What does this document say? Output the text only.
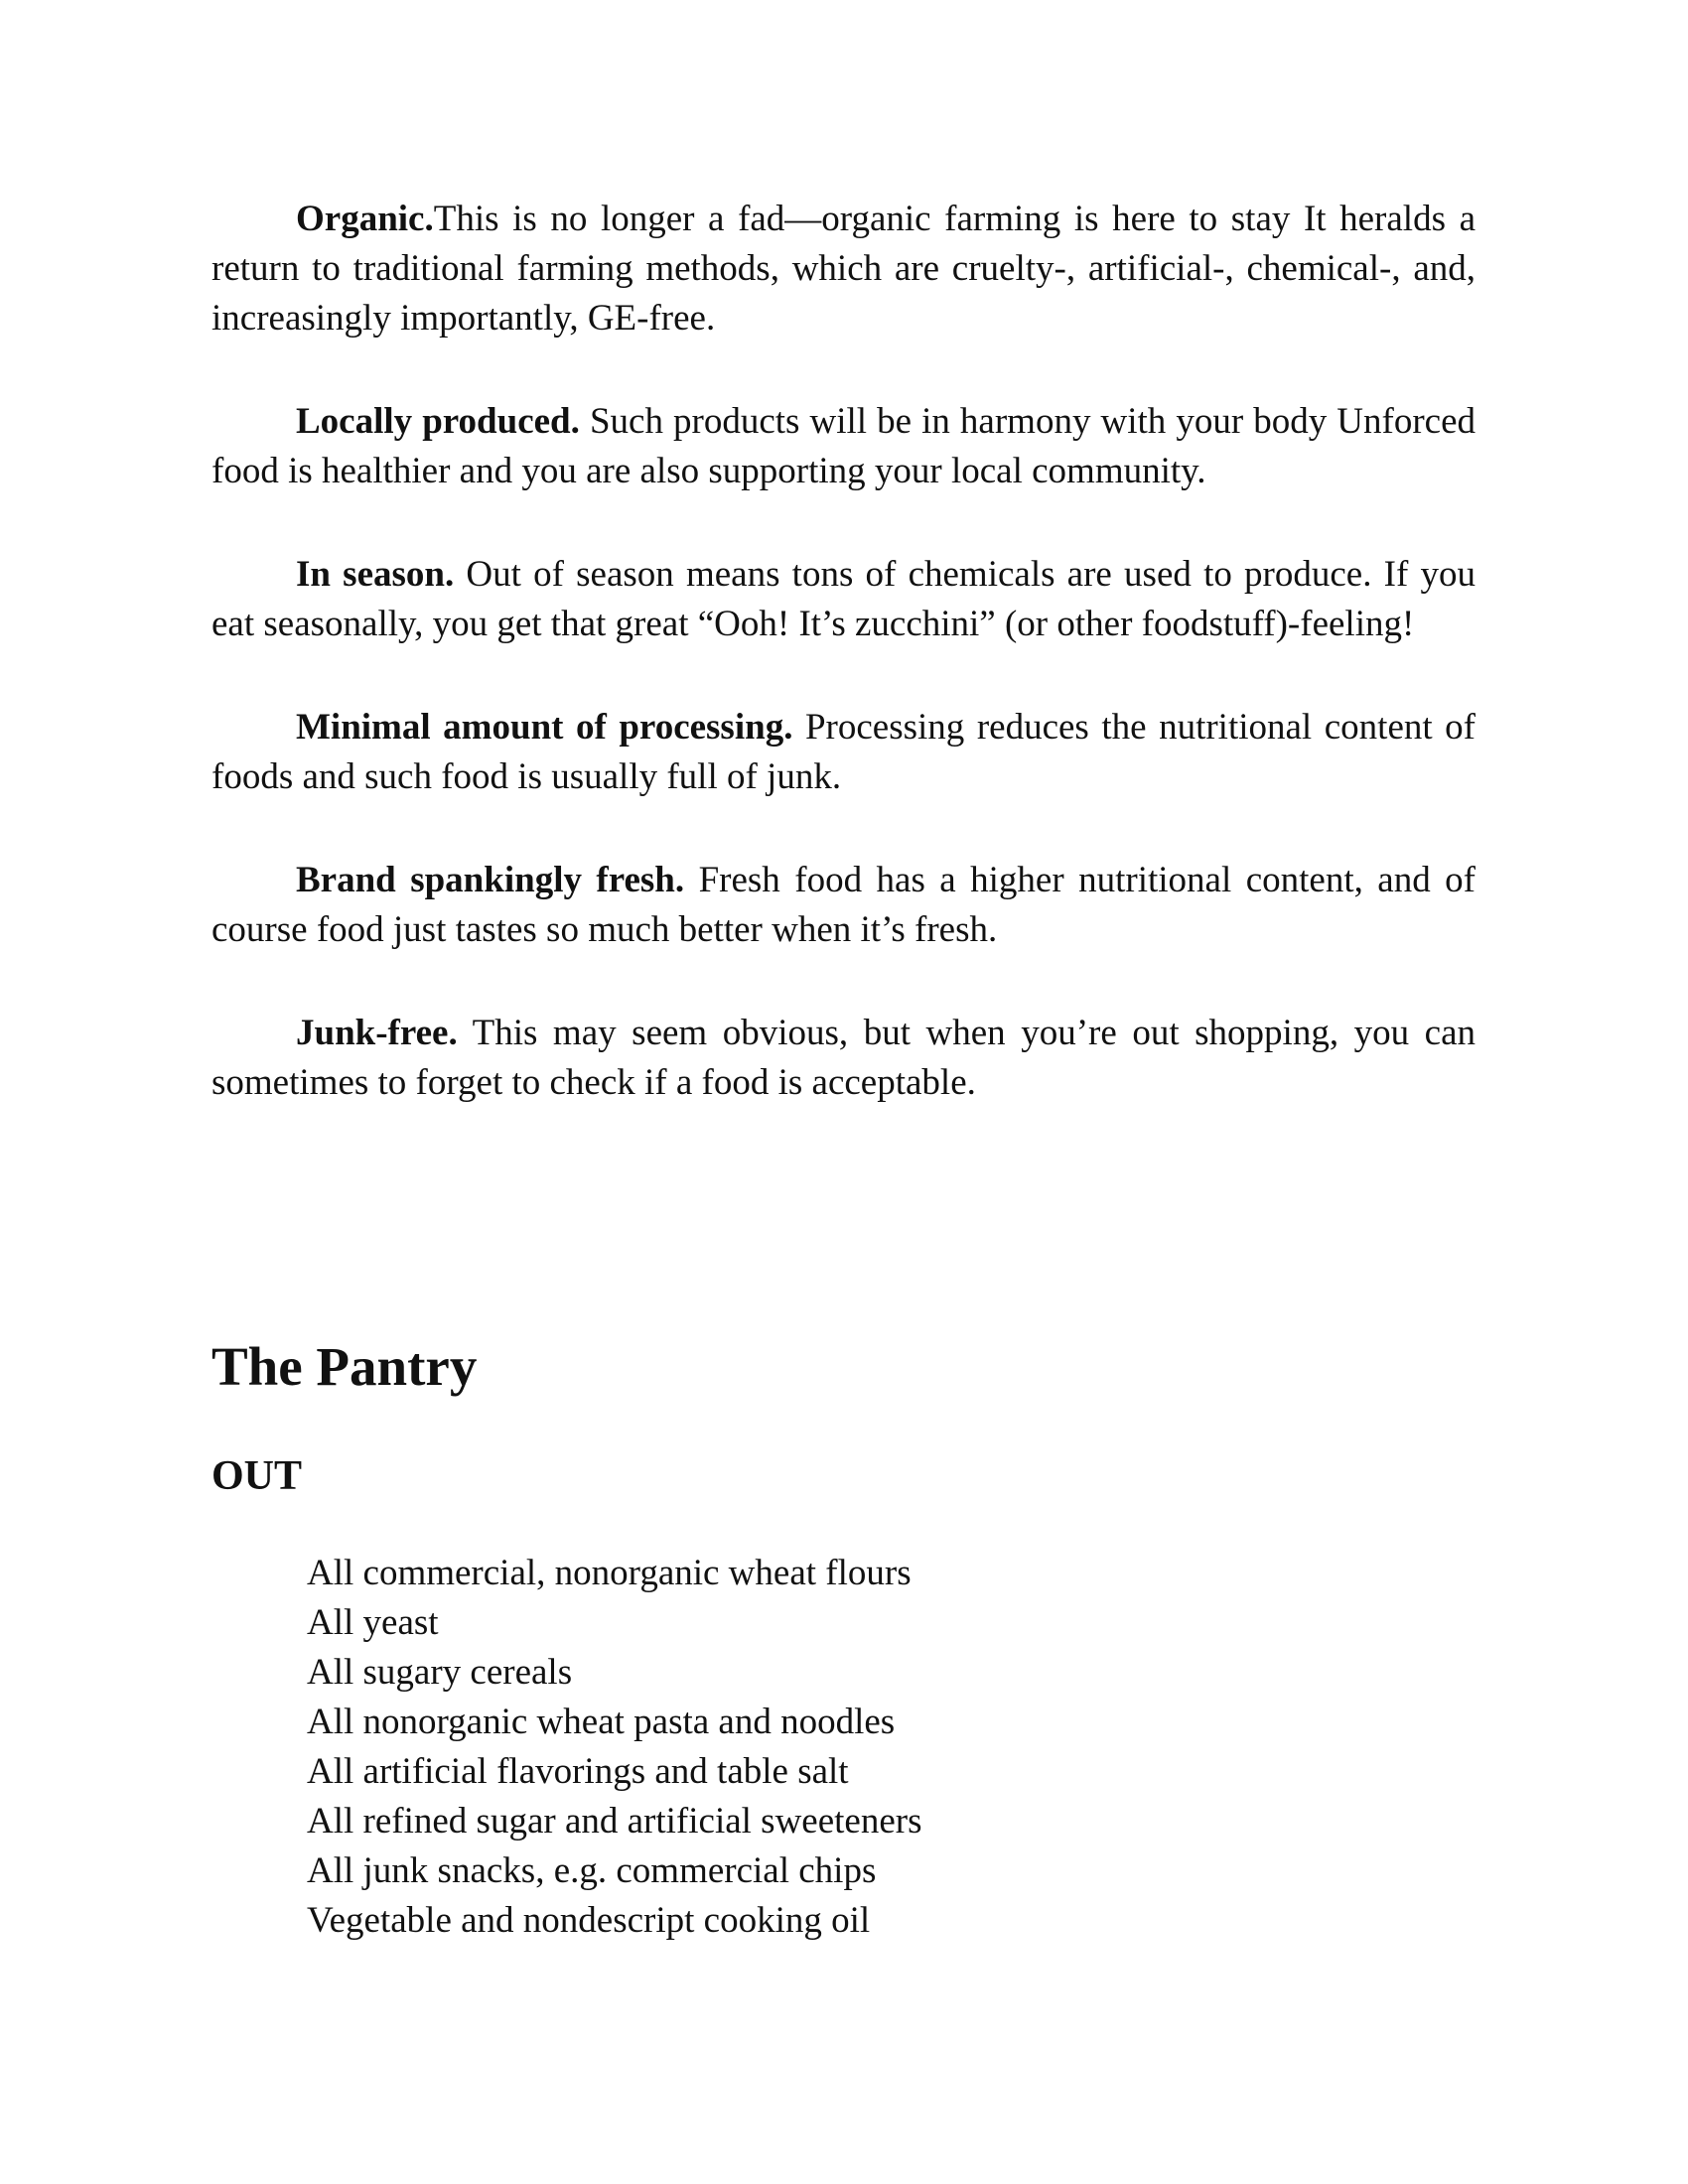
Organic.This is no longer a fad—organic farming is here to stay It heralds a return to traditional farming methods, which are cruelty-, artificial-, chemical-, and, increasingly importantly, GE-free.

Locally produced. Such products will be in harmony with your body Unforced food is healthier and you are also supporting your local community.

In season. Out of season means tons of chemicals are used to produce. If you eat seasonally, you get that great “Ooh! It’s zucchini” (or other foodstuff)-feeling!

Minimal amount of processing. Processing reduces the nutritional content of foods and such food is usually full of junk.

Brand spankingly fresh. Fresh food has a higher nutritional content, and of course food just tastes so much better when it’s fresh.

Junk-free. This may seem obvious, but when you’re out shopping, you can sometimes to forget to check if a food is acceptable.

The Pantry
OUT
All commercial, nonorganic wheat flours
All yeast
All sugary cereals
All nonorganic wheat pasta and noodles
All artificial flavorings and table salt
All refined sugar and artificial sweeteners
All junk snacks, e.g. commercial chips
Vegetable and nondescript cooking oil
